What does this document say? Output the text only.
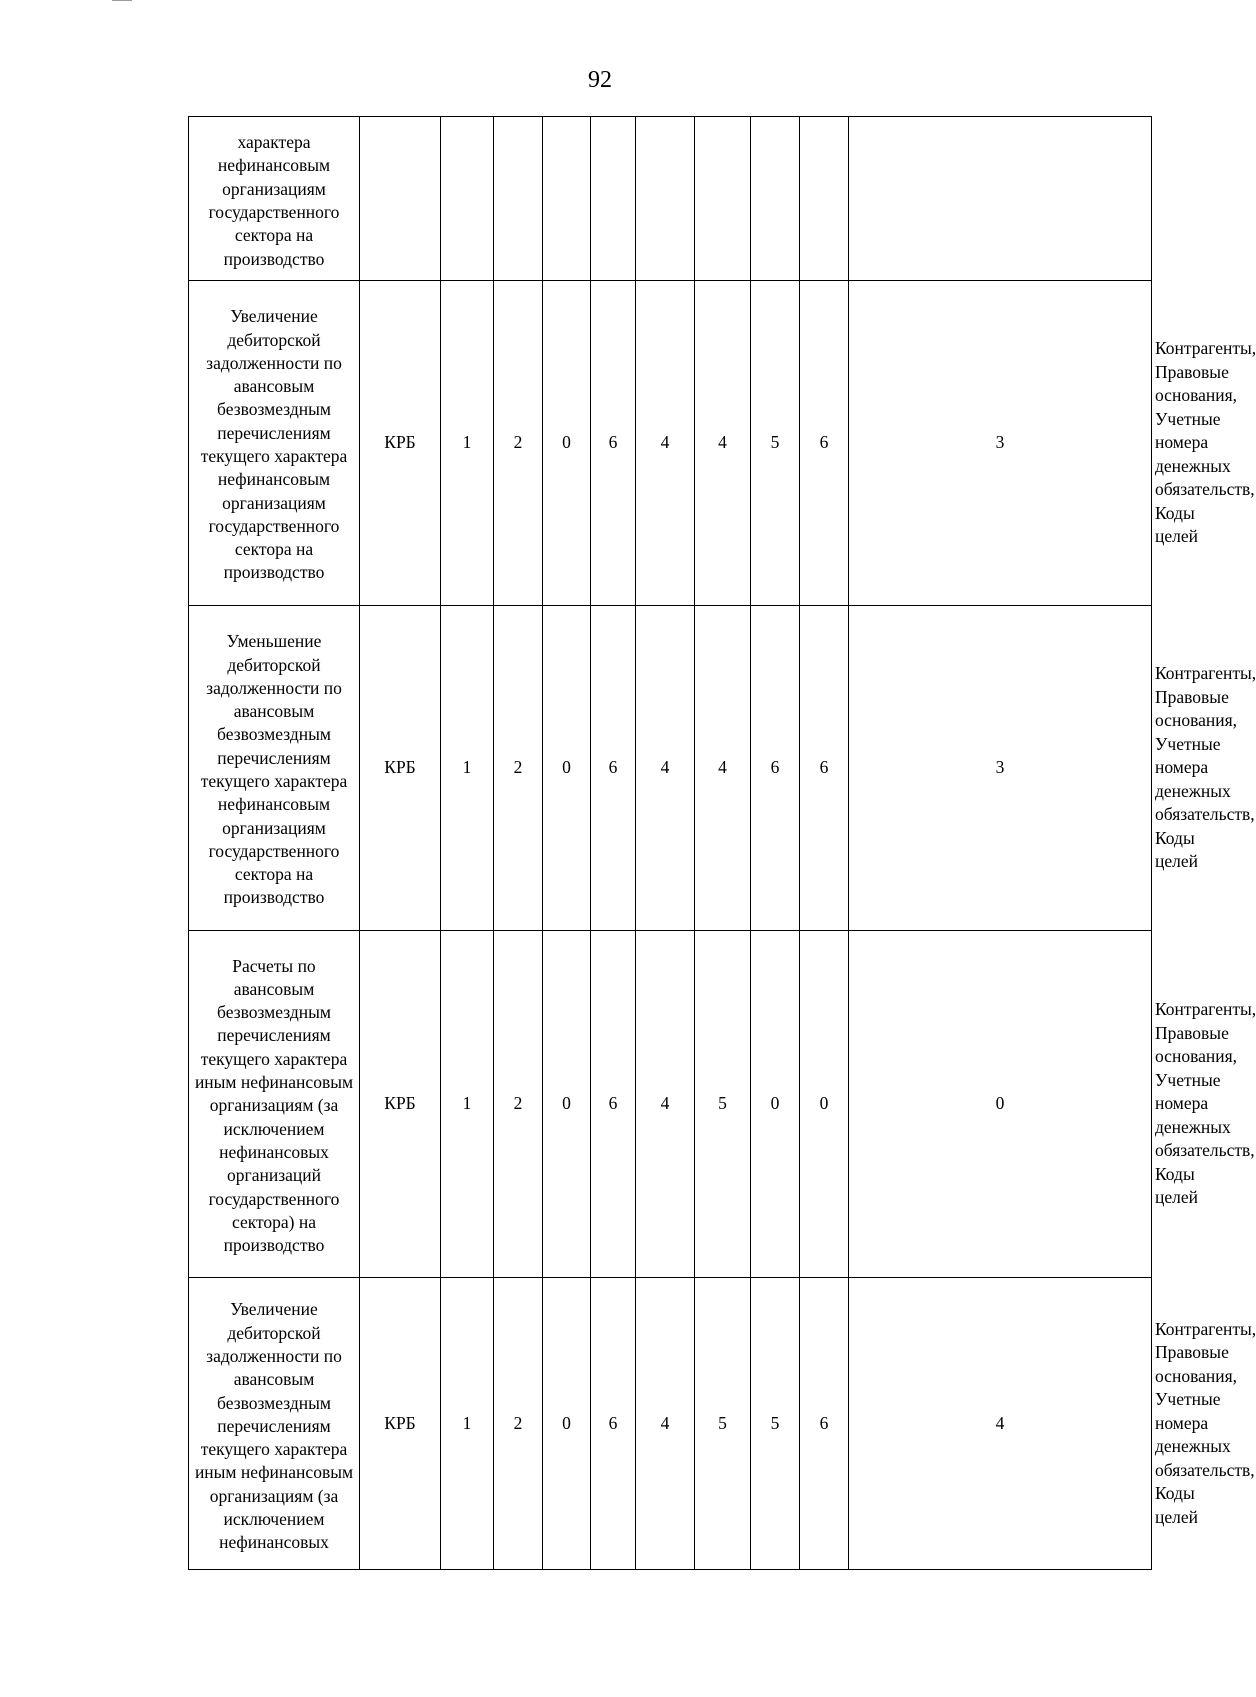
92
характера нефинансовым организациям государственного сектора на производство											
Увеличение дебиторской задолженности по авансовым безвозмездным перечислениям текущего характера нефинансовым организациям государственного сектора на производство	КРБ	1	2	0	6	4	4	5	6	3	Контрагенты, Правовые основания, Учетные номера денежных обязательств, Коды целей
Уменьшение дебиторской задолженности по авансовым безвозмездным перечислениям текущего характера нефинансовым организациям государственного сектора на производство	КРБ	1	2	0	6	4	4	6	6	3	Контрагенты, Правовые основания, Учетные номера денежных обязательств, Коды целей
Расчеты по авансовым безвозмездным перечислениям текущего характера иным нефинансовым организациям (за исключением нефинансовых организаций государственного сектора) на производство	КРБ	1	2	0	6	4	5	0	0	0	Контрагенты, Правовые основания, Учетные номера денежных обязательств, Коды целей
Увеличение дебиторской задолженности по авансовым безвозмездным перечислениям текущего характера иным нефинансовым организациям (за исключением нефинансовых	КРБ	1	2	0	6	4	5	5	6	4	Контрагенты, Правовые основания, Учетные номера денежных обязательств, Коды целей
